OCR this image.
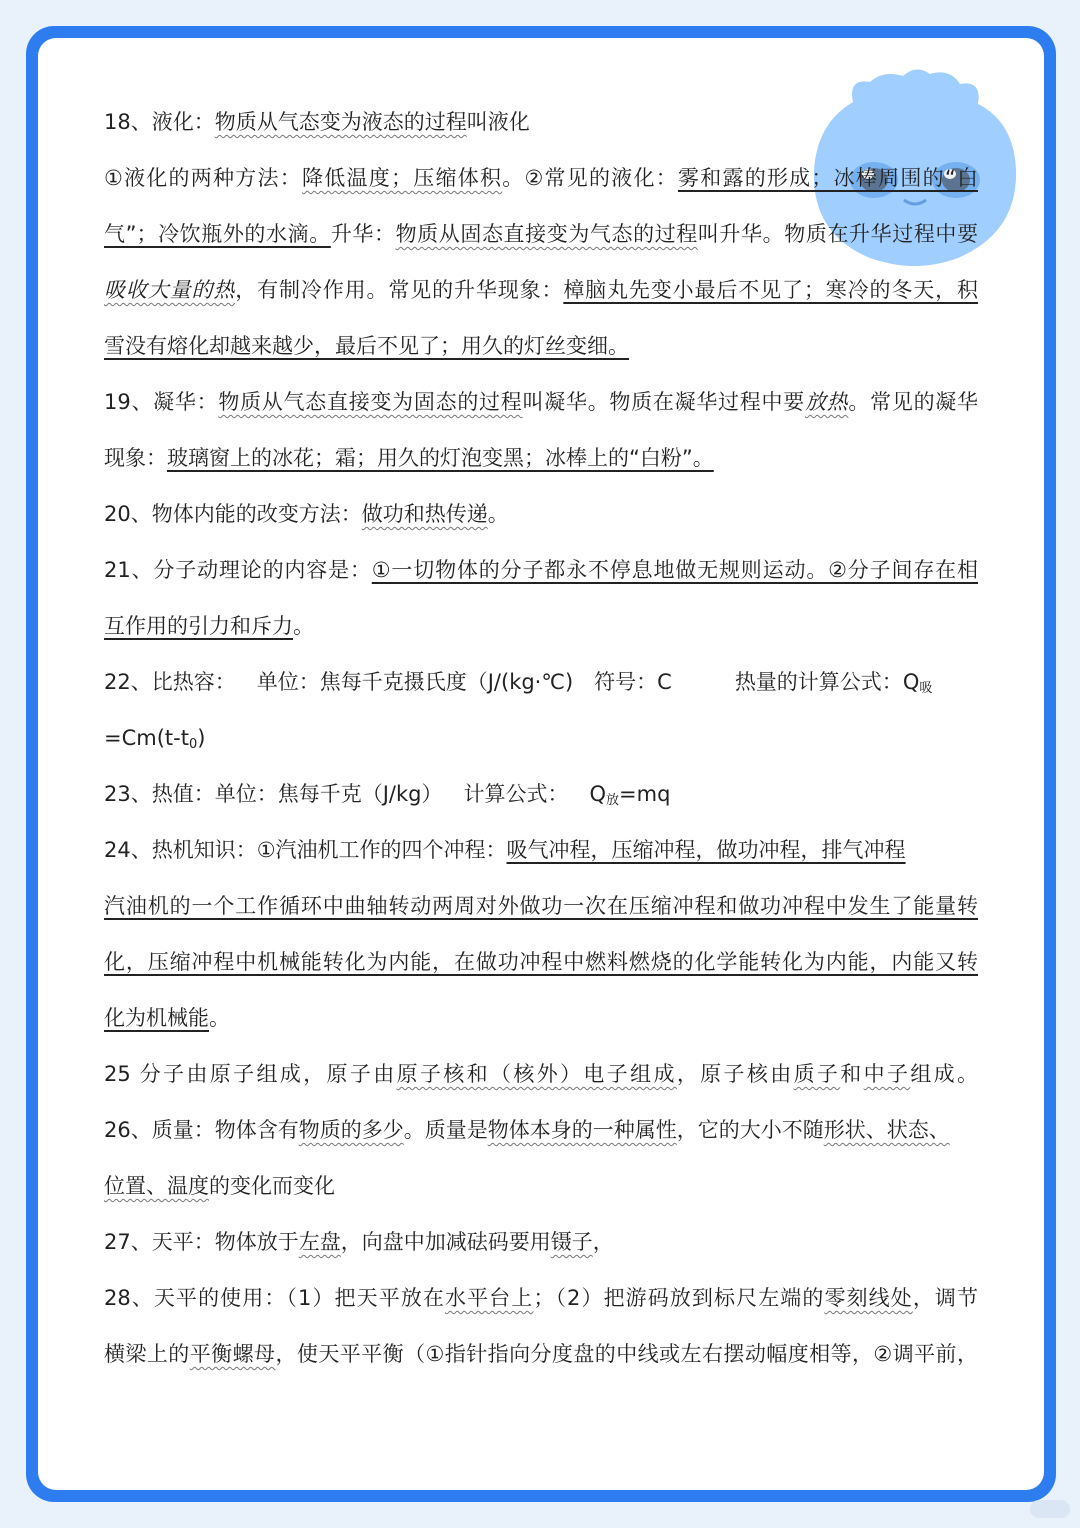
18、液化：物质从气态变为液态的过程叫液化
①液化的两种方法：降低温度；压缩体积。②常见的液化：雾和露的形成；冰棒周围的“白
气”；冷饮瓶外的水滴。升华：物质从固态直接变为气态的过程叫升华。物质在升华过程中要
吸收大量的热，有制冷作用。常见的升华现象：樟脑丸先变小最后不见了；寒冷的冬天，积
雪没有熔化却越来越少，最后不见了；用久的灯丝变细。
19、凝华：物质从气态直接变为固态的过程叫凝华。物质在凝华过程中要放热。常见的凝华
现象：玻璃窗上的冰花；霜；用久的灯泡变黑；冰棒上的“白粉”。
20、物体内能的改变方法：做功和热传递。
21、分子动理论的内容是：①一切物体的分子都永不停息地做无规则运动。②分子间存在相
互作用的引力和斥力。
22、比热容：　 单位：焦每千克摄氏度（J/(kg·℃)　 符号：C　　　	热量的计算公式：$Q_吸$
$=Cm(t-t_0)$
23、热值：单位：焦每千克（J/kg）　 计算公式：　 $Q_放=mq$
24、热机知识：①汽油机工作的四个冲程：吸气冲程，压缩冲程，做功冲程，排气冲程
汽油机的一个工作循环中曲轴转动两周对外做功一次在压缩冲程和做功冲程中发生了能量转
化，压缩冲程中机械能转化为内能，在做功冲程中燃料燃烧的化学能转化为内能，内能又转
化为机械能。
25 分子由原子组成，原子由原子核和（核外）电子组成，原子核由质子和中子组成。
26、质量：物体含有物质的多少。质量是物体本身的一种属性，它的大小不随形状、状态、
位置、温度的变化而变化
27、天平：物体放于左盘，向盘中加减砝码要用镊子，
28、天平的使用：（1）把天平放在水平台上；（2）把游码放到标尺左端的零刻线处，调节
横梁上的平衡螺母，使天平平衡（①指针指向分度盘的中线或左右摆动幅度相等，②调平前，
